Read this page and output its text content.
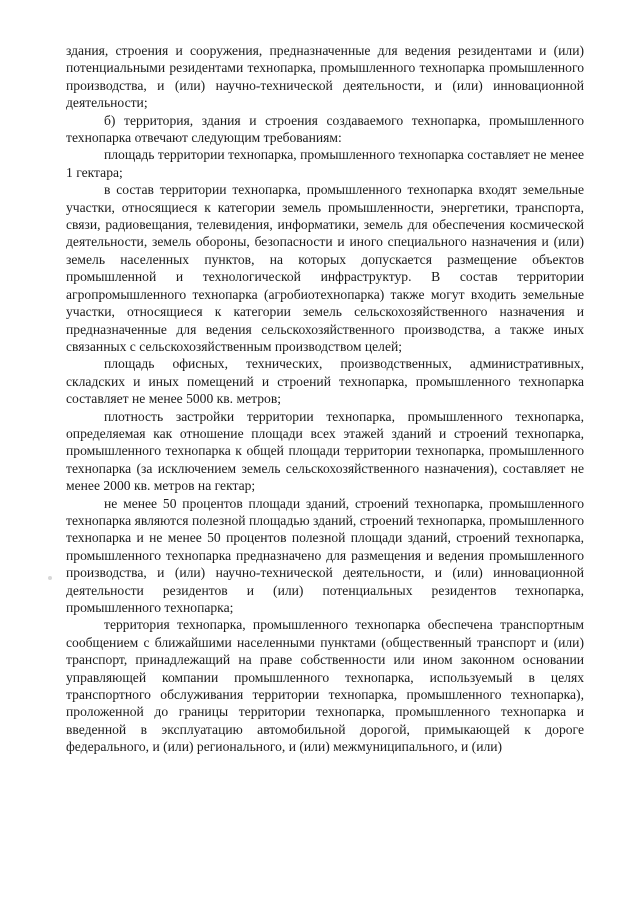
здания, строения и сооружения, предназначенные для ведения резидентами и (или) потенциальными резидентами технопарка, промышленного технопарка промышленного производства, и (или) научно-технической деятельности, и (или) инновационной деятельности;

б) территория, здания и строения создаваемого технопарка, промышленного технопарка отвечают следующим требованиям:

площадь территории технопарка, промышленного технопарка составляет не менее 1 гектара;

в состав территории технопарка, промышленного технопарка входят земельные участки, относящиеся к категории земель промышленности, энергетики, транспорта, связи, радиовещания, телевидения, информатики, земель для обеспечения космической деятельности, земель обороны, безопасности и иного специального назначения и (или) земель населенных пунктов, на которых допускается размещение объектов промышленной и технологической инфраструктур. В состав территории агропромышленного технопарка (агробиотехнопарка) также могут входить земельные участки, относящиеся к категории земель сельскохозяйственного назначения и предназначенные для ведения сельскохозяйственного производства, а также иных связанных с сельскохозяйственным производством целей;

площадь офисных, технических, производственных, административных, складских и иных помещений и строений технопарка, промышленного технопарка составляет не менее 5000 кв. метров;

плотность застройки территории технопарка, промышленного технопарка, определяемая как отношение площади всех этажей зданий и строений технопарка, промышленного технопарка к общей площади территории технопарка, промышленного технопарка (за исключением земель сельскохозяйственного назначения), составляет не менее 2000 кв. метров на гектар;

не менее 50 процентов площади зданий, строений технопарка, промышленного технопарка являются полезной площадью зданий, строений технопарка, промышленного технопарка и не менее 50 процентов полезной площади зданий, строений технопарка, промышленного технопарка предназначено для размещения и ведения промышленного производства, и (или) научно-технической деятельности, и (или) инновационной деятельности резидентов и (или) потенциальных резидентов технопарка, промышленного технопарка;

территория технопарка, промышленного технопарка обеспечена транспортным сообщением с ближайшими населенными пунктами (общественный транспорт и (или) транспорт, принадлежащий на праве собственности или ином законном основании управляющей компании промышленного технопарка, используемый в целях транспортного обслуживания территории технопарка, промышленного технопарка), проложенной до границы территории технопарка, промышленного технопарка и введенной в эксплуатацию автомобильной дорогой, примыкающей к дороге федерального, и (или) регионального, и (или) межмуниципального, и (или)
